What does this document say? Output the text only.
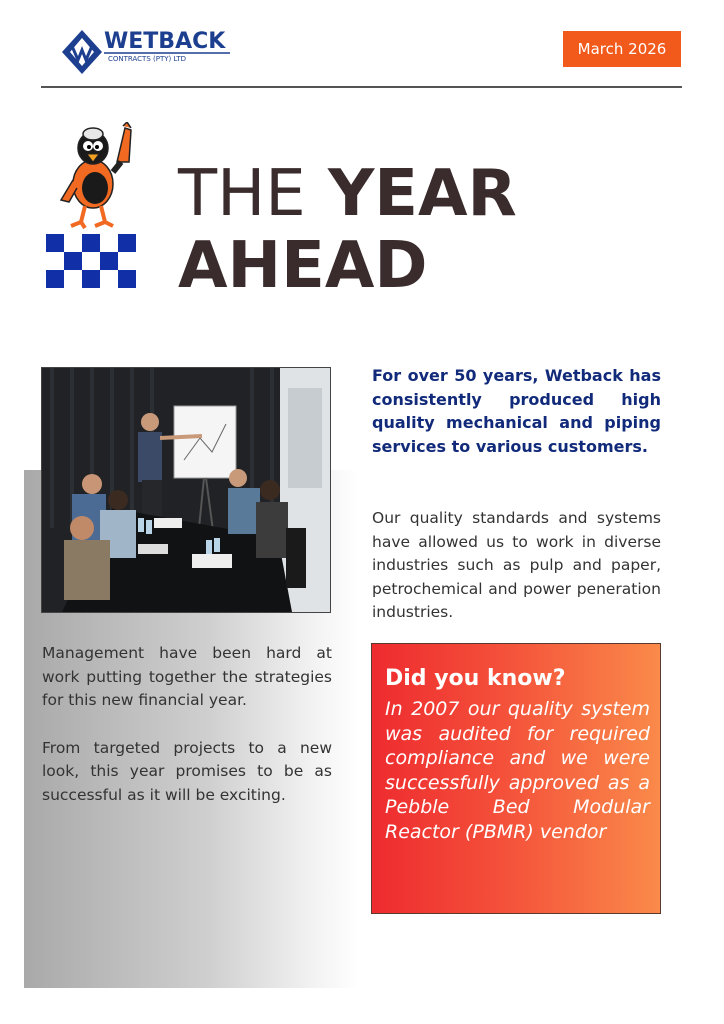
WETBACK
CONTRACTS (PTY) LTD
March 2026
THE YEAR
AHEAD

Management have been hard at work putting together the strategies for this new financial year.

From targeted projects to a new look, this year promises to be as successful as it will be exciting.

For over 50 years, Wetback has consistently produced high quality mechanical and piping services to various customers.

Our quality standards and systems have allowed us to work in diverse industries such as pulp and paper, petrochemical and power peneration industries.

Did you know?

In 2007 our quality system was audited for required compliance and we were successfully approved as a Pebble Bed Modular Reactor (PBMR) vendor
